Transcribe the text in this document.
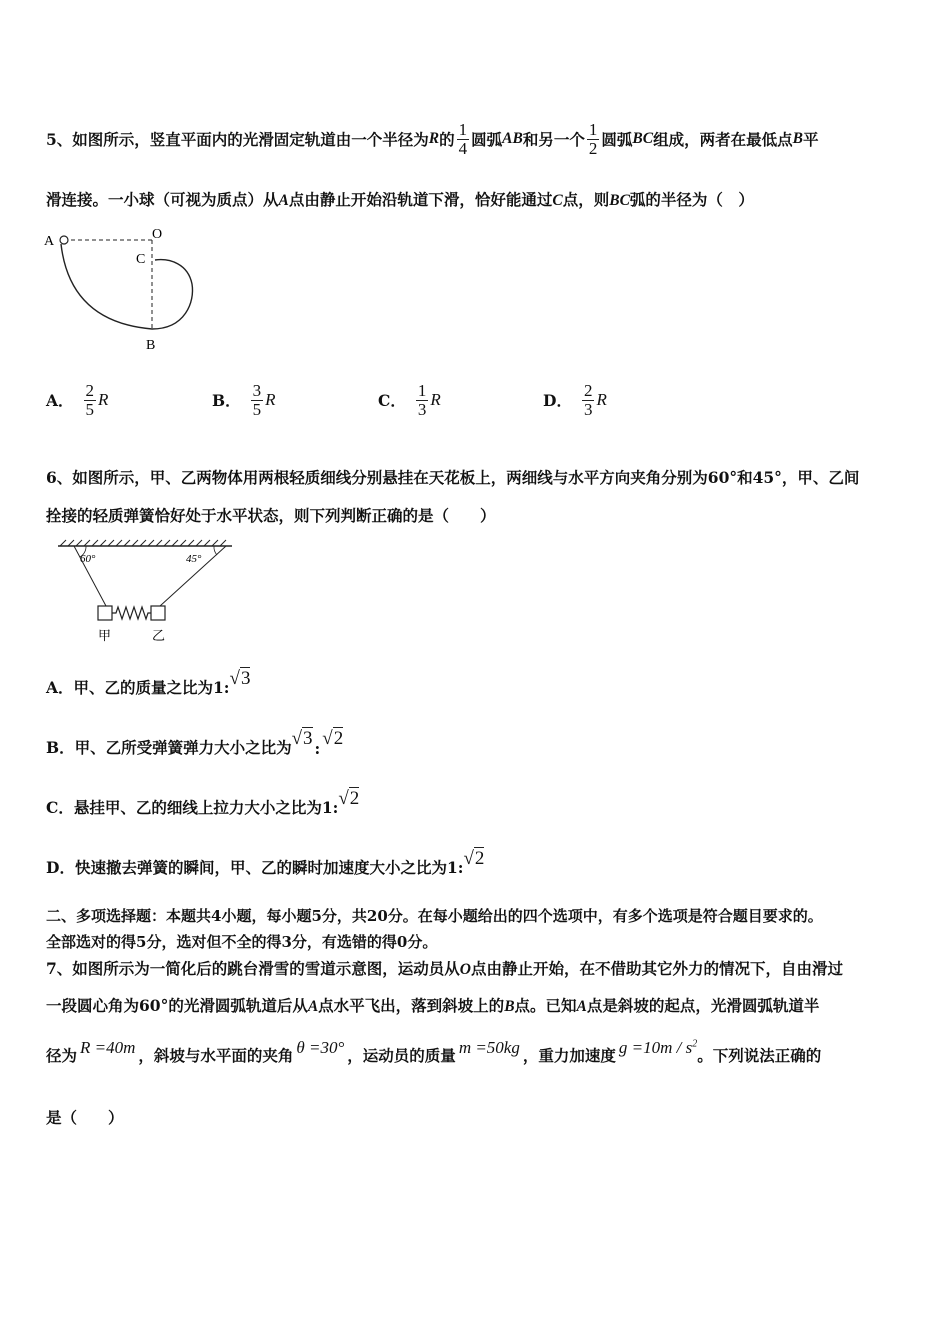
5、如图所示，竖直平面内的光滑固定轨道由一个半径为 R 的 $\frac{1}{4}$ 圆弧 AB 和另一个 $\frac{1}{2}$ 圆弧 BC 组成，两者在最低点 B 平
滑连接。一小球（可视为质点）从A点由静止开始沿轨道下滑，恰好能通过C点，则BC弧的半径为（　）
A	O
C
B
A． $\frac{2}{5}$ R	B． $\frac{3}{5}$ R	C． $\frac{1}{3}$ R	D． $\frac{2}{3}$ R
6、如图所示，甲、乙两物体用两根轻质细线分别悬挂在天花板上，两细线与水平方向夹角分别为60°和45°，甲、乙间
拴接的轻质弹簧恰好处于水平状态，则下列判断正确的是（　　）
60°	45°
甲	乙
A．甲、乙的质量之比为1: √3
B．甲、乙所受弹簧弹力大小之比为 √3 : √2
C．悬挂甲、乙的细线上拉力大小之比为1: √2
D．快速撤去弹簧的瞬间，甲、乙的瞬时加速度大小之比为1: √2
二、多项选择题：本题共4小题，每小题5分，共20分。在每小题给出的四个选项中，有多个选项是符合题目要求的。
全部选对的得5分，选对但不全的得3分，有选错的得0分。
7、如图所示为一简化后的跳台滑雪的雪道示意图，运动员从O点由静止开始，在不借助其它外力的情况下，自由滑过
一段圆心角为60°的光滑圆弧轨道后从A点水平飞出，落到斜坡上的B点。已知A点是斜坡的起点，光滑圆弧轨道半
径为 R =40m ，斜坡与水平面的夹角 θ =30° ，运动员的质量 m =50kg ，重力加速度 $g =10m / s^2$
。下列说法正确的
是（　　）
